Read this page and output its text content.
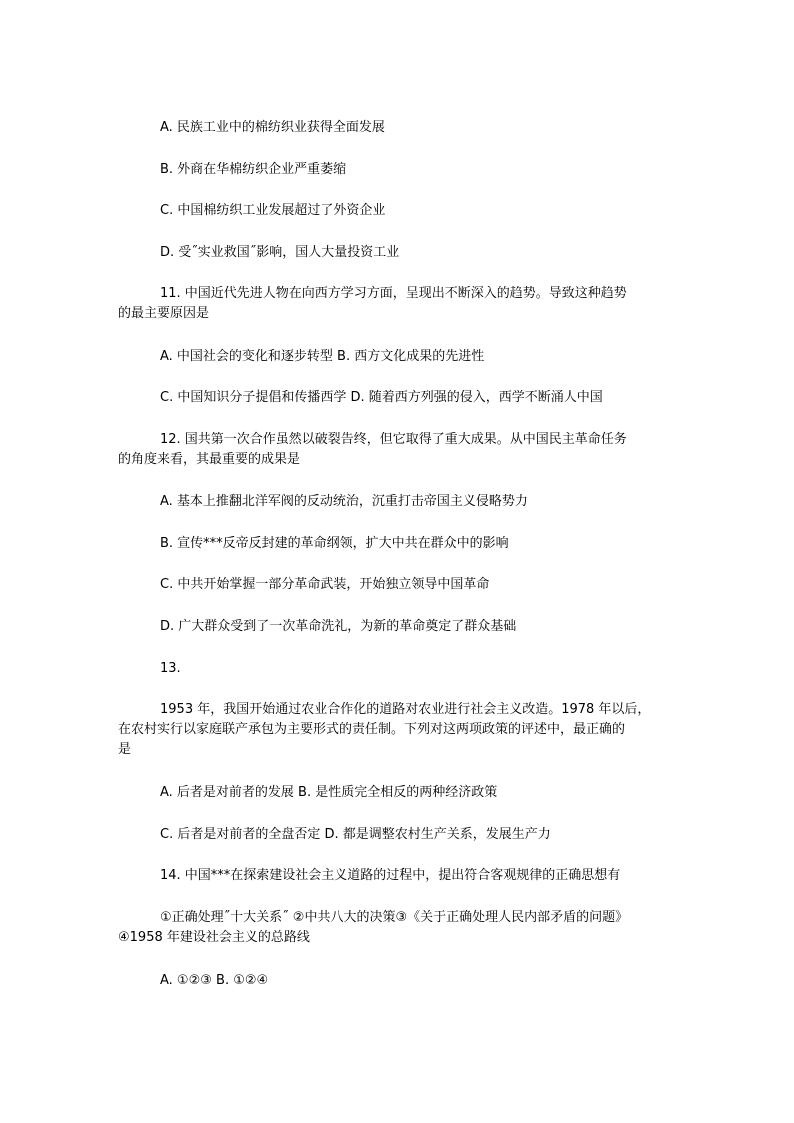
A. 民族工业中的棉纺织业获得全面发展
B. 外商在华棉纺织企业严重萎缩
C. 中国棉纺织工业发展超过了外资企业
D. 受˝实业救国˝影响，国人大量投资工业
11. 中国近代先进人物在向西方学习方面，呈现出不断深入的趋势。导致这种趋势
的最主要原因是
A. 中国社会的变化和逐步转型 B. 西方文化成果的先进性
C. 中国知识分子提倡和传播西学 D. 随着西方列强的侵入，西学不断涌人中国
12. 国共第一次合作虽然以破裂告终，但它取得了重大成果。从中国民主革命任务
的角度来看，其最重要的成果是
A. 基本上推翻北洋军阀的反动统治，沉重打击帝国主义侵略势力
B. 宣传***反帝反封建的革命纲领，扩大中共在群众中的影响
C. 中共开始掌握一部分革命武装，开始独立领导中国革命
D. 广大群众受到了一次革命洗礼，为新的革命奠定了群众基础
13.
1953 年，我国开始通过农业合作化的道路对农业进行社会主义改造。1978 年以后，
在农村实行以家庭联产承包为主要形式的责任制。下列对这两项政策的评述中，最正确的
是
A. 后者是对前者的发展 B. 是性质完全相反的两种经济政策
C. 后者是对前者的全盘否定 D. 都是调整农村生产关系，发展生产力
14. 中国***在探索建设社会主义道路的过程中，提出符合客观规律的正确思想有
①正确处理˝十大关系˝ ②中共八大的决策③《关于正确处理人民内部矛盾的问题》
④1958 年建设社会主义的总路线
A. ①②③ B. ①②④
